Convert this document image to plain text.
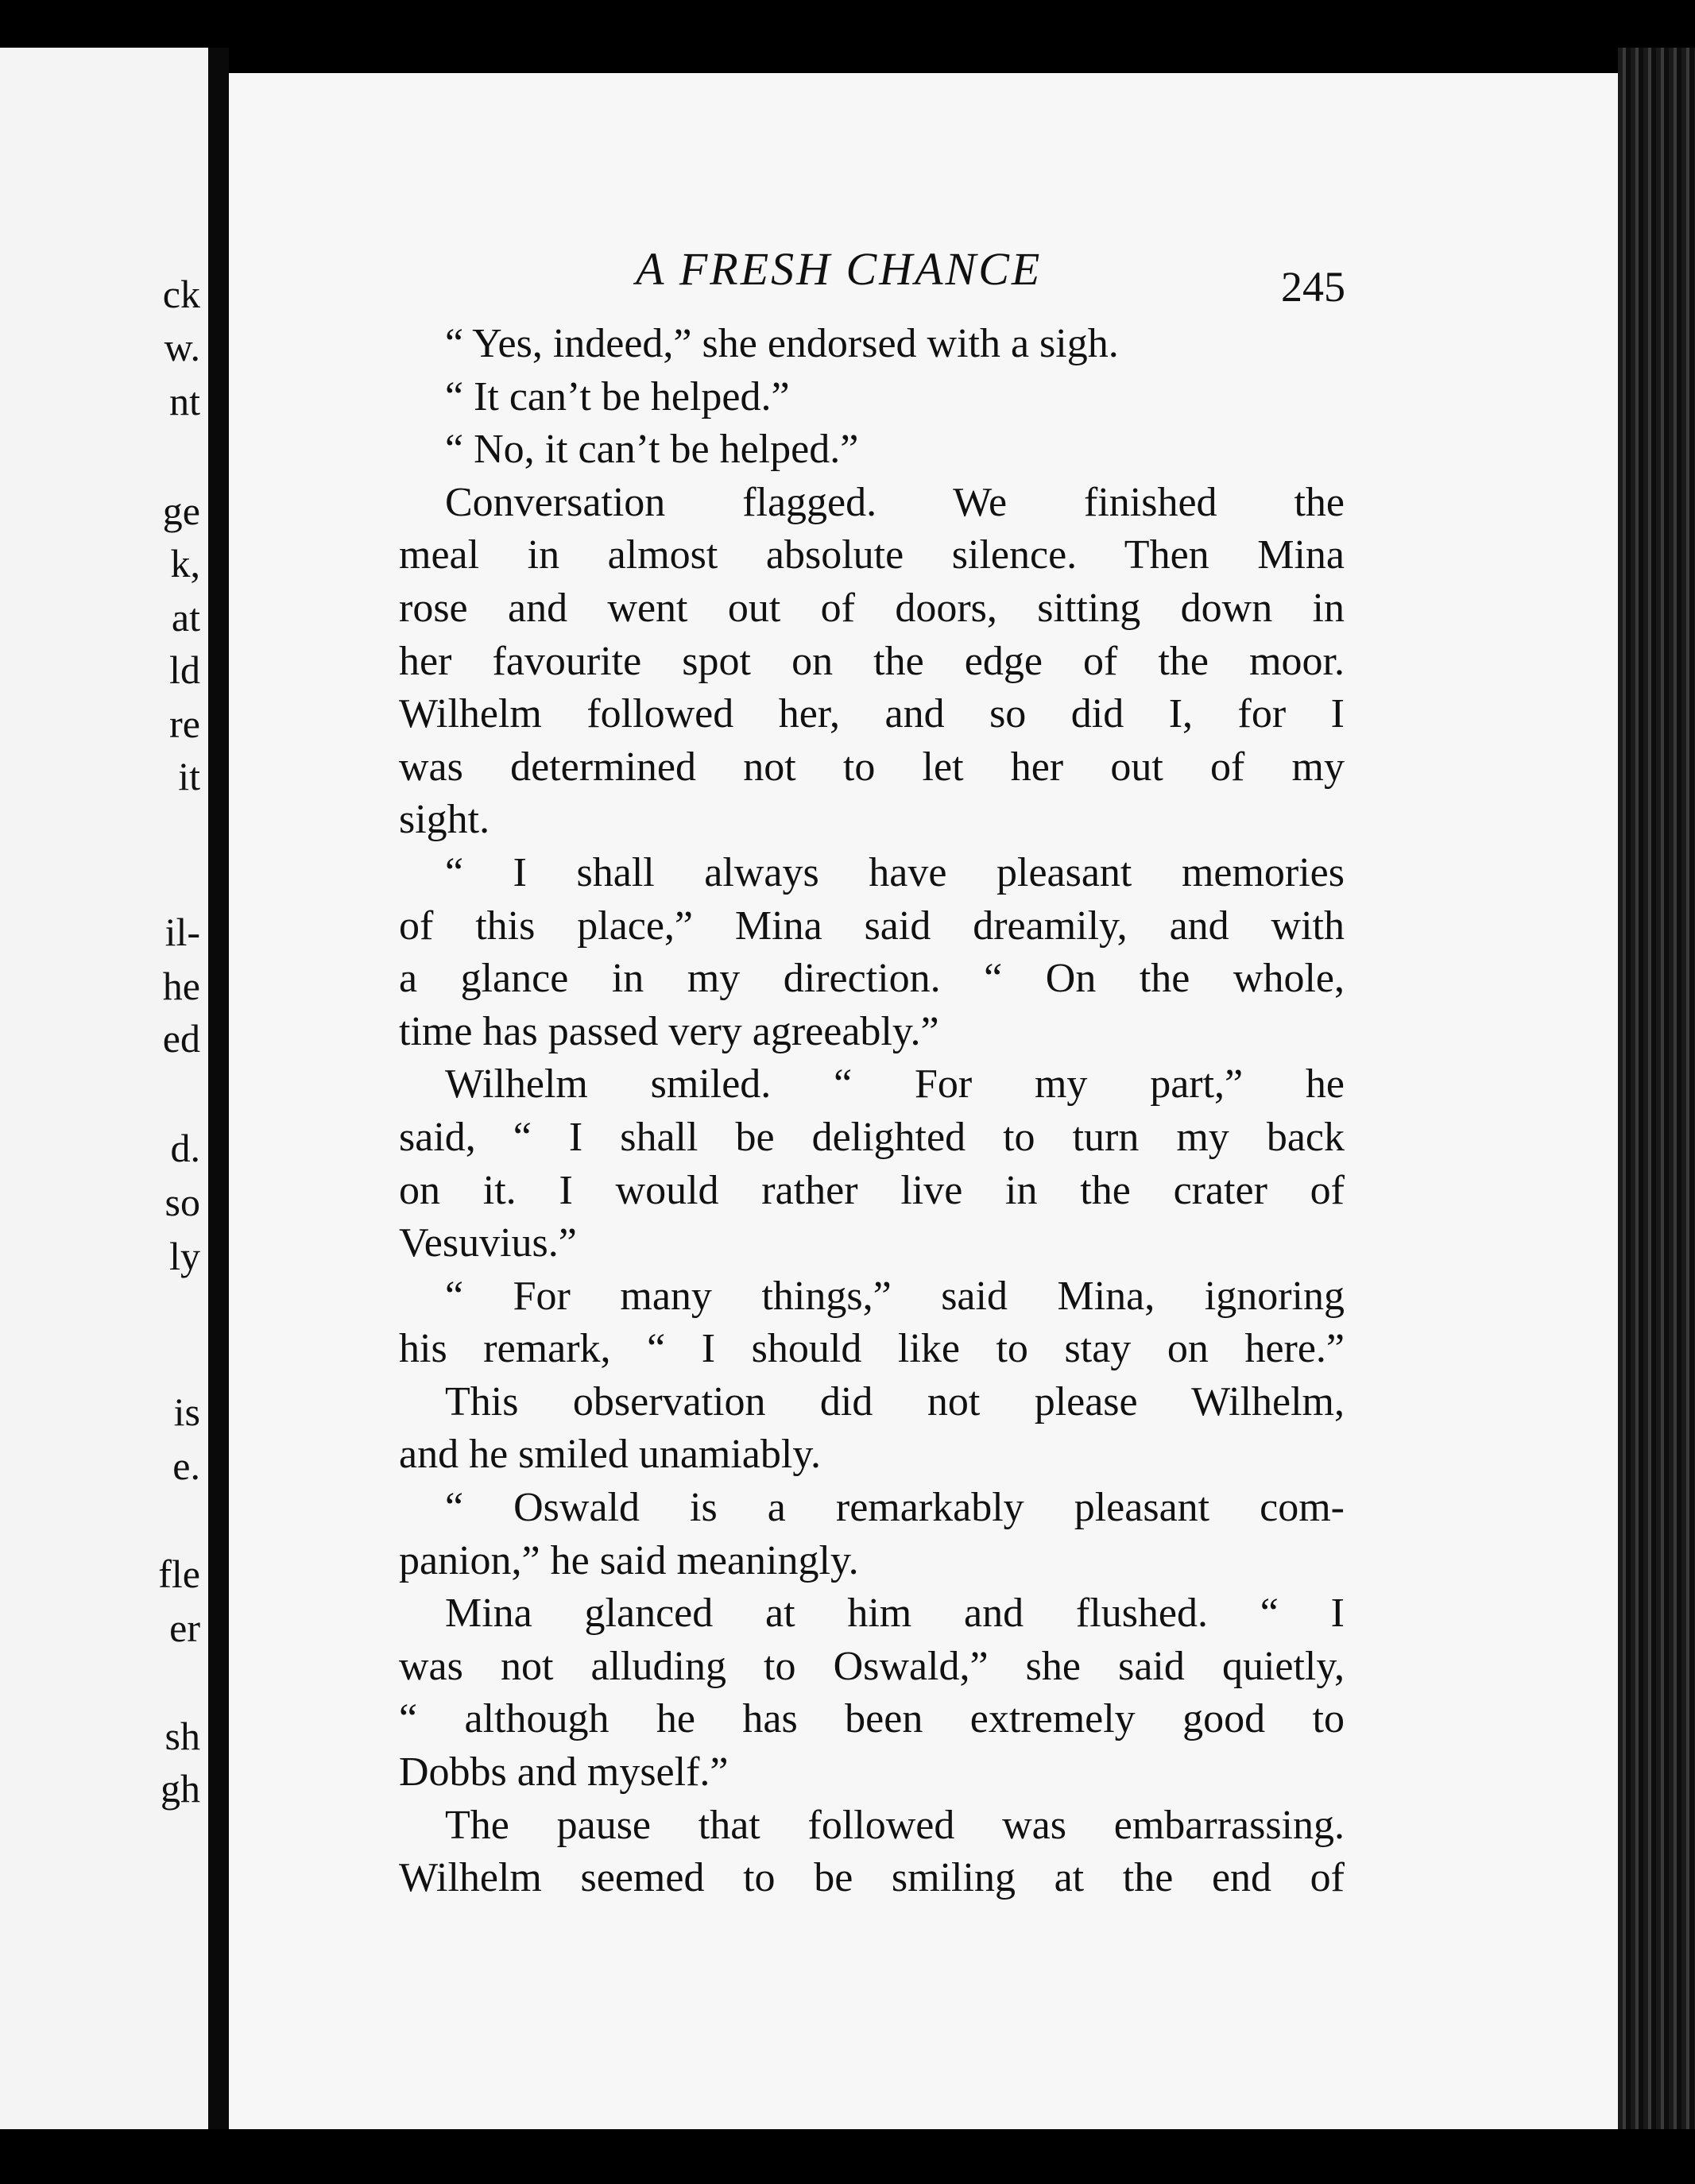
ck
w.
nt
ge
k,
at
ld
re
it
il-
he
ed
d.
so
ly
is
e.
fle
er
sh
gh
A FRESH CHANCE	245
“ Yes, indeed,” she endorsed with a sigh.
“ It can’t be helped.”
“ No, it can’t be helped.”
Conversation flagged. We finished the
meal in almost absolute silence. Then Mina
rose and went out of doors, sitting down in
her favourite spot on the edge of the moor.
Wilhelm followed her, and so did I, for I
was determined not to let her out of my
sight.
“ I shall always have pleasant memories
of this place,” Mina said dreamily, and with
a glance in my direction. “ On the whole,
time has passed very agreeably.”
Wilhelm smiled. “ For my part,” he
said, “ I shall be delighted to turn my back
on it. I would rather live in the crater of
Vesuvius.”
“ For many things,” said Mina, ignoring
his remark, “ I should like to stay on here.”
This observation did not please Wilhelm,
and he smiled unamiably.
“ Oswald is a remarkably pleasant com-
panion,” he said meaningly.
Mina glanced at him and flushed. “ I
was not alluding to Oswald,” she said quietly,
“ although he has been extremely good to
Dobbs and myself.”
The pause that followed was embarrassing.
Wilhelm seemed to be smiling at the end of
